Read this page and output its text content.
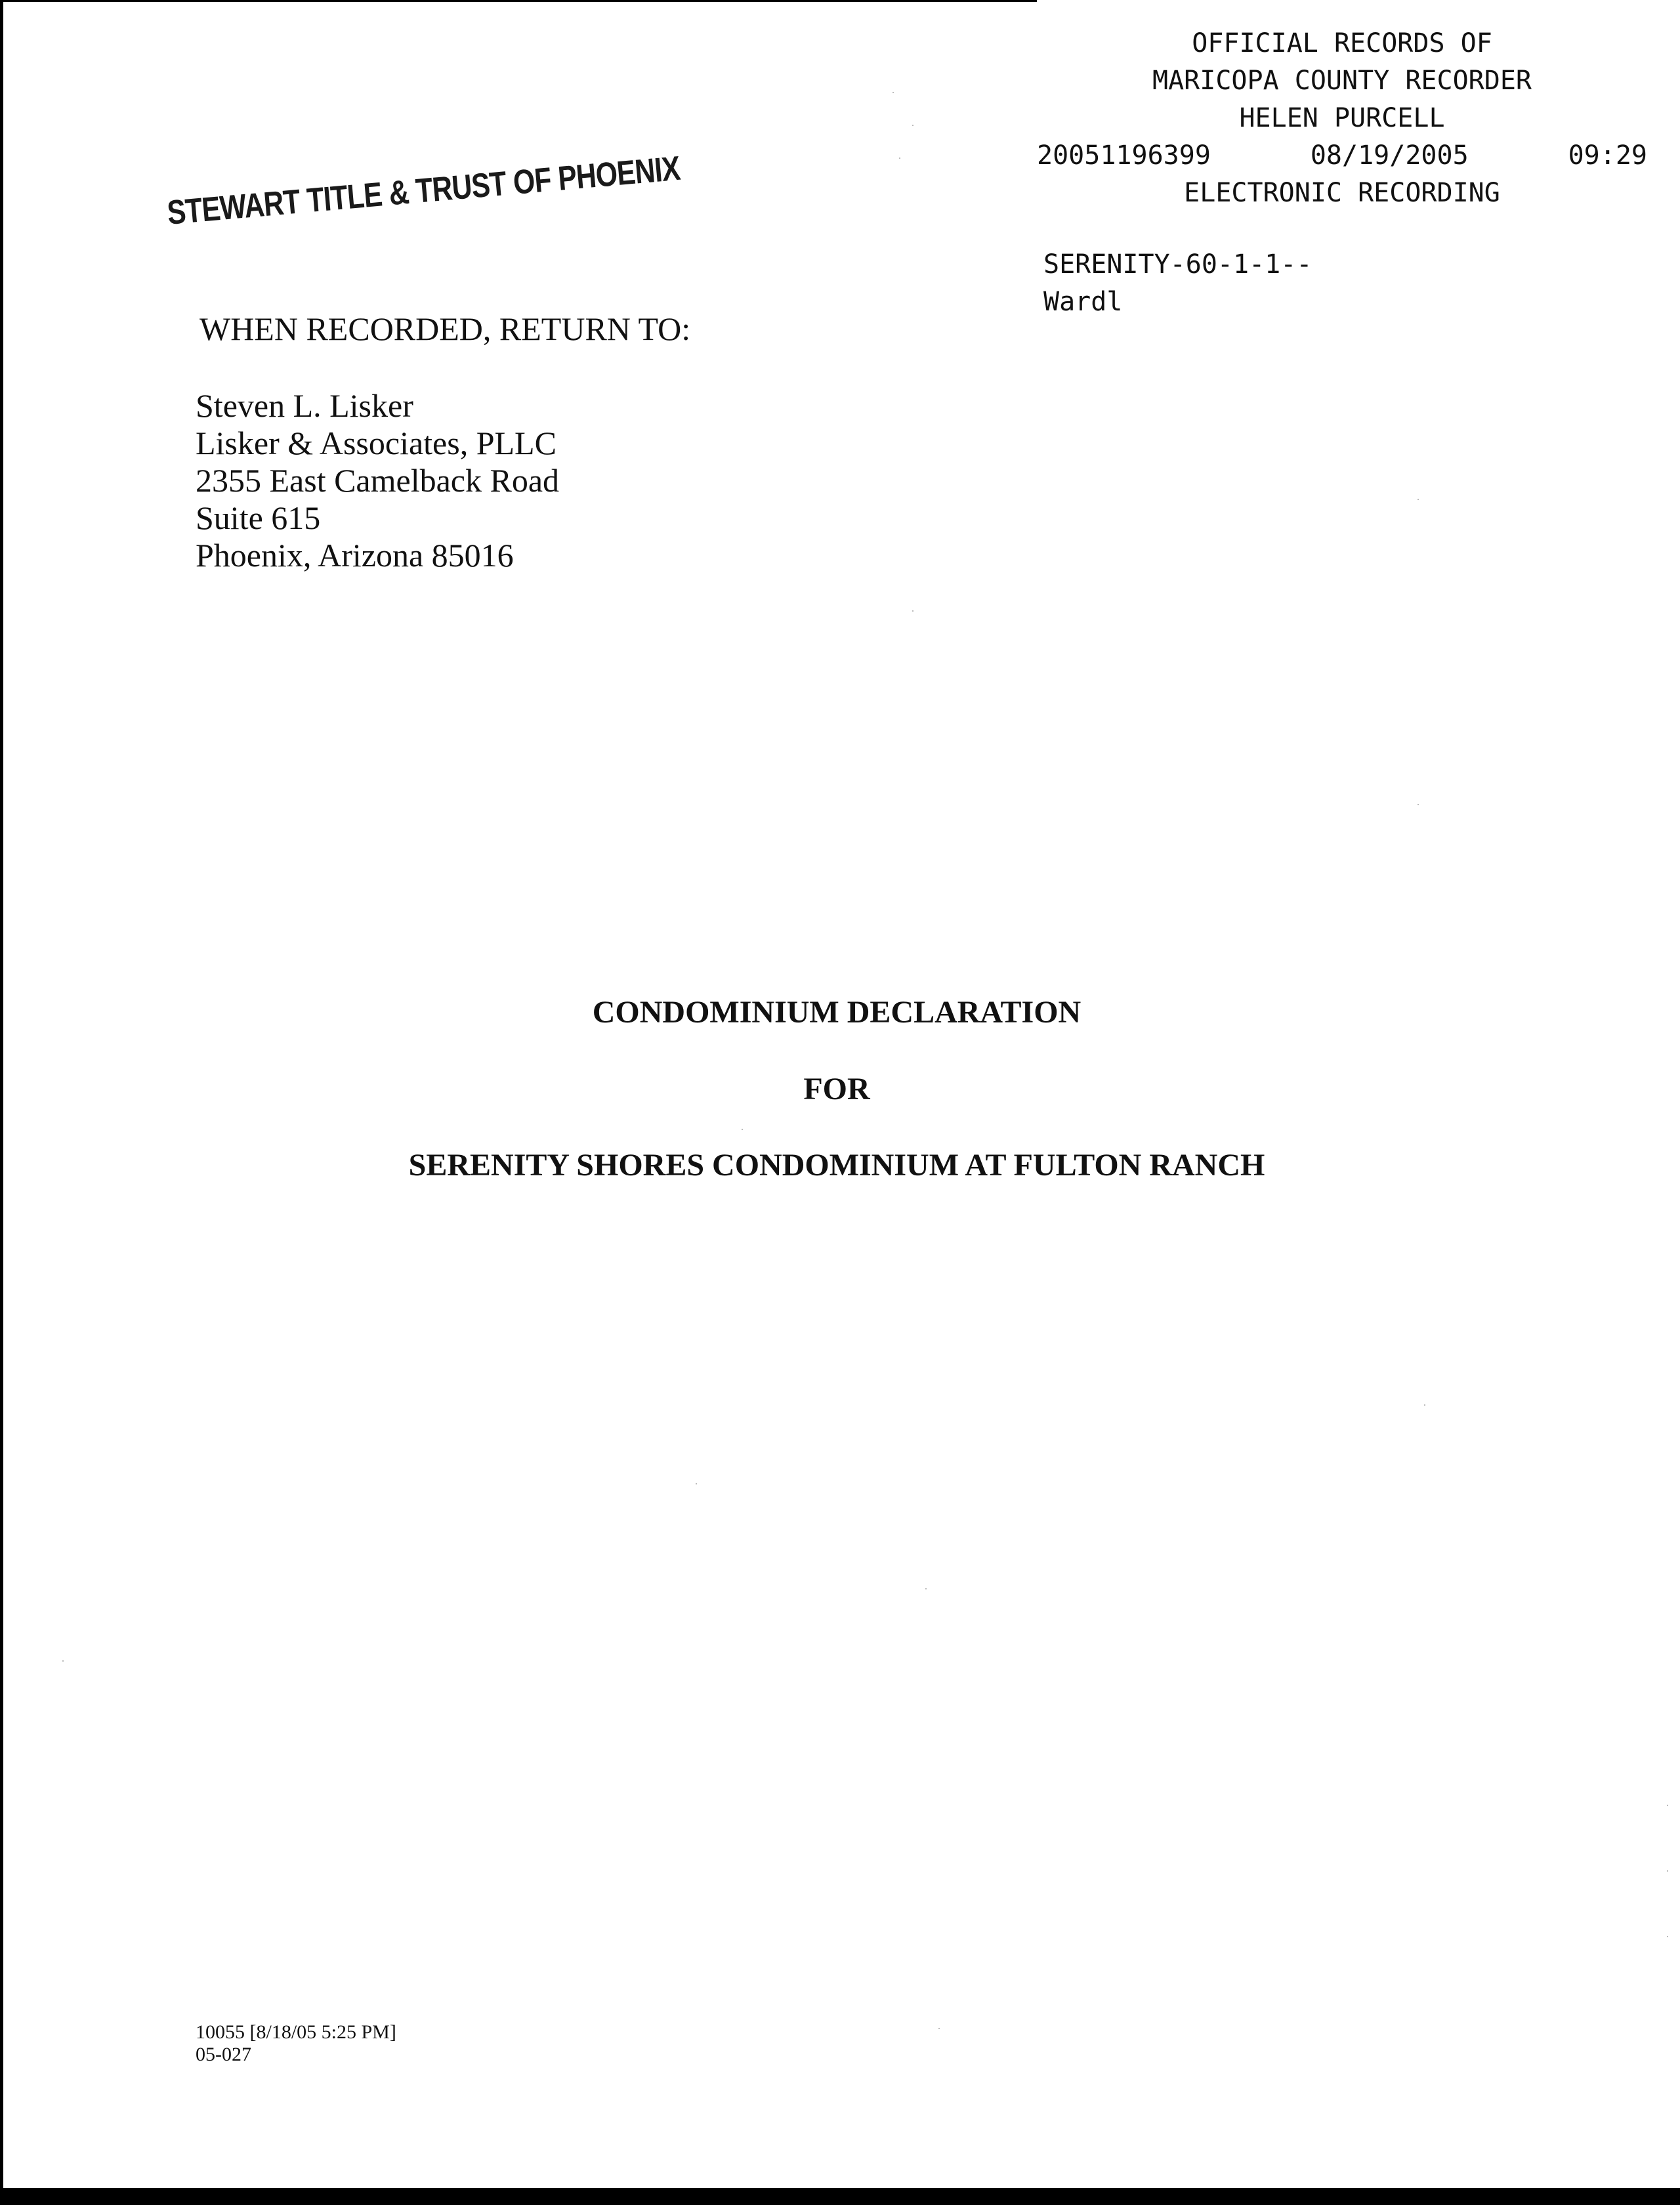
OFFICIAL RECORDS OF
MARICOPA COUNTY RECORDER
HELEN PURCELL
20051196399	08/19/2005	09:29
ELECTRONIC RECORDING
SERENITY-60-1-1--
Wardl
STEWART TITLE & TRUST OF PHOENIX
WHEN RECORDED, RETURN TO:
Steven L. Lisker
Lisker & Associates, PLLC
2355 East Camelback Road
Suite 615
Phoenix, Arizona 85016
CONDOMINIUM DECLARATION
FOR
SERENITY SHORES CONDOMINIUM AT FULTON RANCH
10055 [8/18/05 5:25 PM]
05-027
